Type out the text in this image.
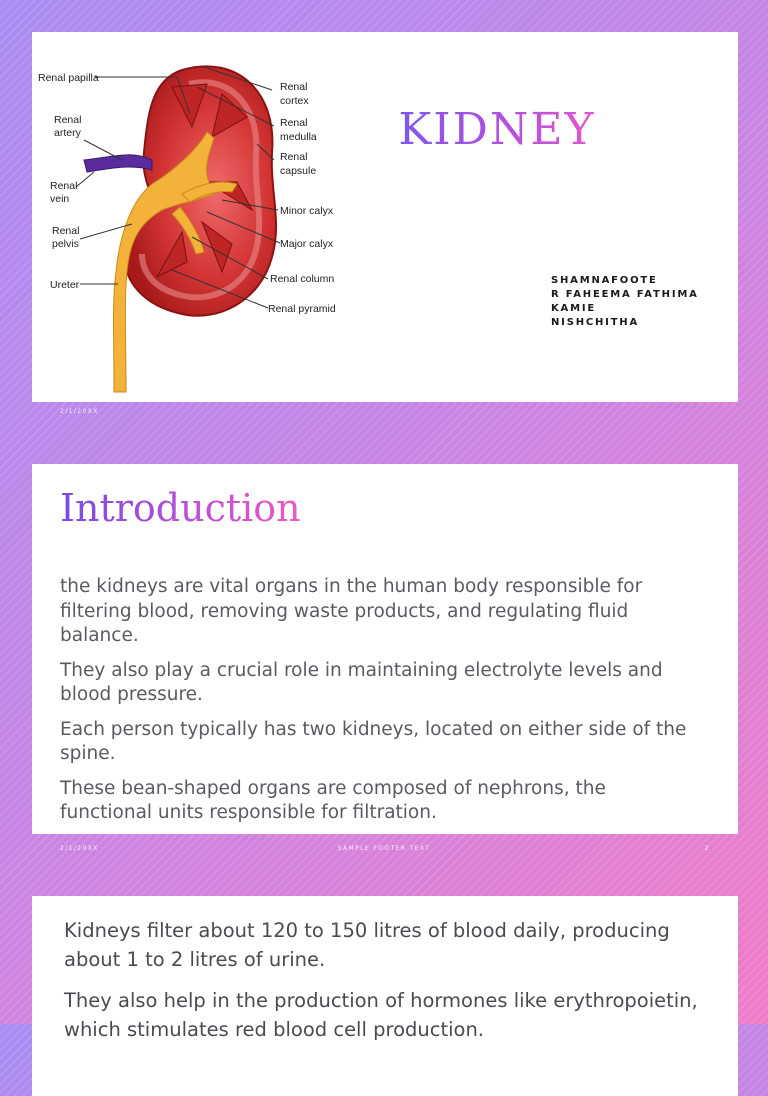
Renal papilla
Renal
artery
Renal
vein
Renal
pelvis
Ureter
Renal
cortex
Renal
medulla
Renal
capsule
Minor calyx
Major calyx
Renal column
Renal pyramid
KIDNEY
SHAMNAFOOTE
R FAHEEMA FATHIMA
KAMIE
NISHCHITHA
2/1/20XX
Introduction

the kidneys are vital organs in the human body responsible for filtering blood, removing waste products, and regulating fluid balance.

They also play a crucial role in maintaining electrolyte levels and blood pressure.

Each person typically has two kidneys, located on either side of the spine.

These bean-shaped organs are composed of nephrons, the functional units responsible for filtration.

2/1/20XX	SAMPLE FOOTER TEXT	2

Kidneys filter about 120 to 150 litres of blood daily, producing about 1 to 2 litres of urine.

They also help in the production of hormones like erythropoietin, which stimulates red blood cell production.
